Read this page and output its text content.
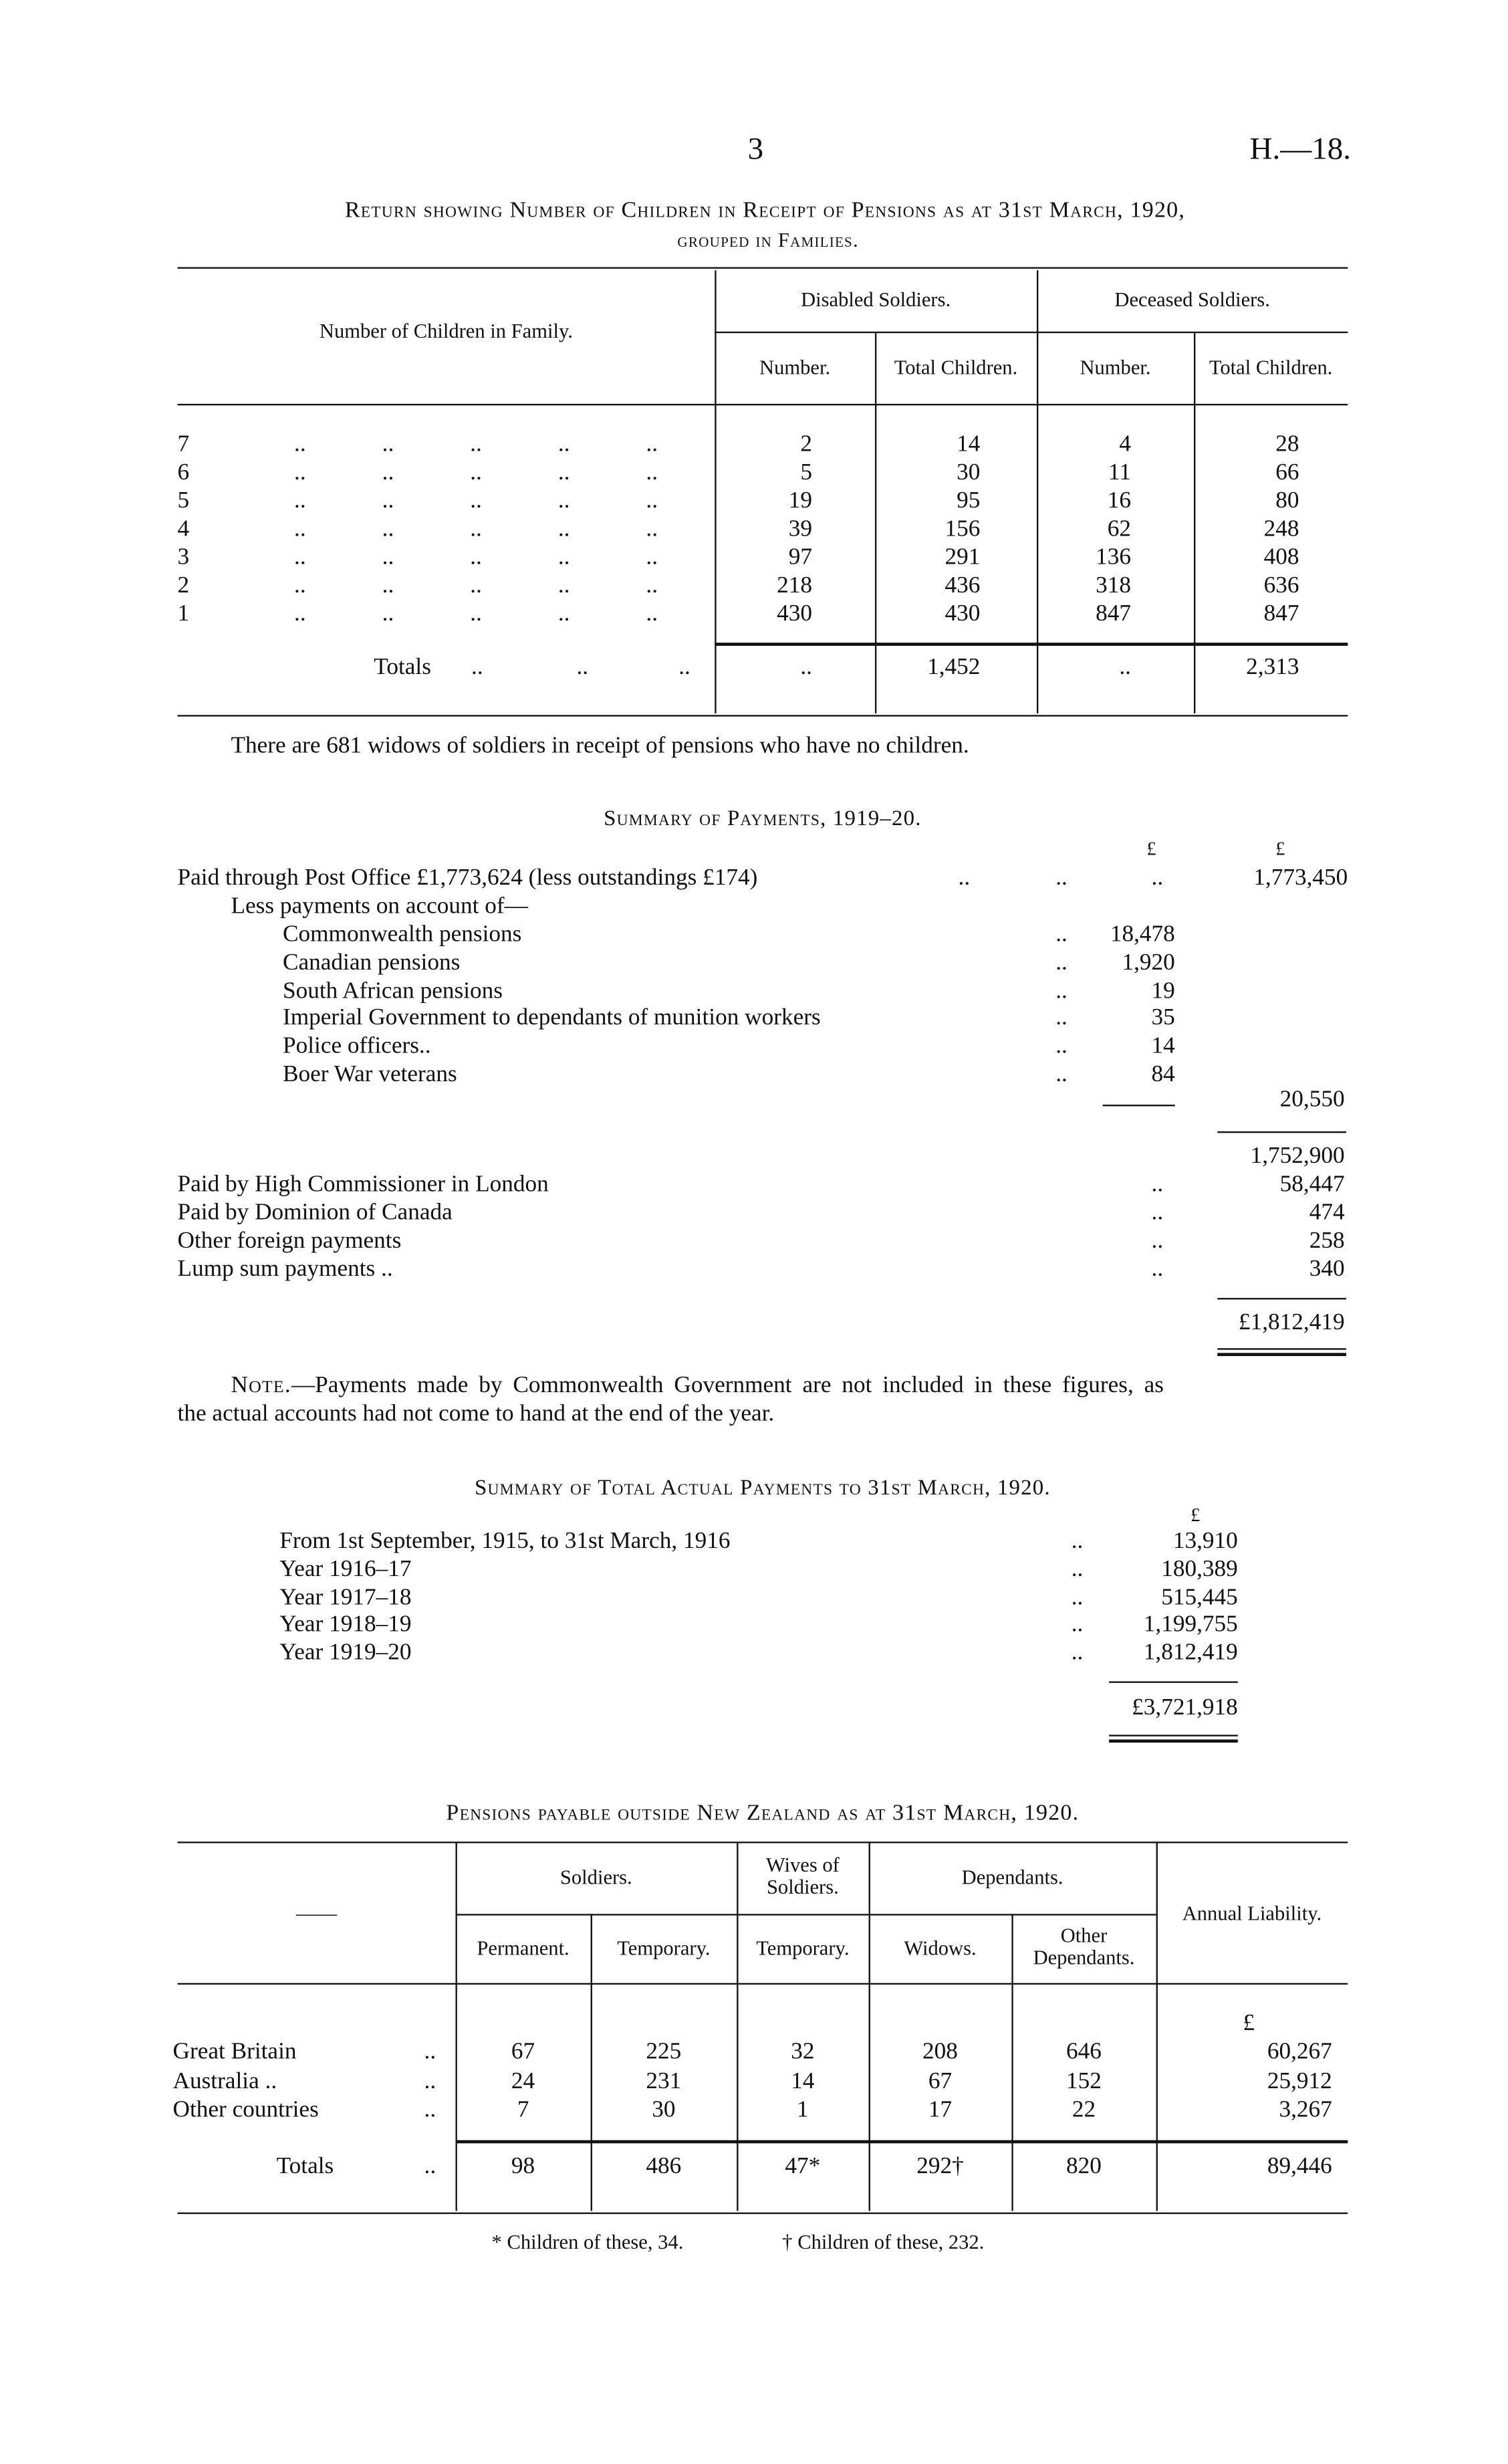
3	H.—18.
Return showing Number of Children in Receipt of Pensions as at 31st March, 1920,
grouped in Families.
Number of Children in Family.
Disabled Soldiers.	Deceased Soldiers.
Number.	Total Children.	Number.	Total Children.
7 .. .. .. .. ..	2	14	4	28
6 .. .. .. .. ..	5	30	11	66
5 .. .. .. .. ..	19	95	16	80
4 .. .. .. .. ..	39	156	62	248
3 .. .. .. .. ..	97	291	136	408
2 .. .. .. .. ..	218	436	318	636
1 .. .. .. .. ..	430	430	847	847
Totals	..	..	..	..	1,452	..	2,313
There are 681 widows of soldiers in receipt of pensions who have no children.
Summary of Payments, 1919–20.
£	£
Paid through Post Office £1,773,624 (less outstandings £174)	..	..	..	1,773,450
Less payments on account of—
Commonwealth pensions	..	18,478
Canadian pensions	..	1,920
South African pensions	..	19
Imperial Government to dependants of munition workers	..	35
Police officers..	..	14
Boer War veterans	..	84
20,550
1,752,900
Paid by High Commissioner in London	..	58,447
Paid by Dominion of Canada	..	474
Other foreign payments	..	258
Lump sum payments ..	..	340
£1,812,419
Note.—Payments made by Commonwealth Government are not included in these figures, as
the actual accounts had not come to hand at the end of the year.
Summary of Total Actual Payments to 31st March, 1920.
£
From 1st September, 1915, to 31st March, 1916	..	13,910
Year 1916–17	..	180,389
Year 1917–18	..	515,445
Year 1918–19	..	1,199,755
Year 1919–20	..	1,812,419
£3,721,918
Pensions payable outside New Zealand as at 31st March, 1920.
——
Soldiers.
Wives of Soldiers.	Dependants.
Annual Liability.
Permanent.	Temporary.	Temporary.	Widows.
Other Dependants.
£
Great Britain	..	67	225	32	208	646	60,267
Australia ..	..	24	231	14	67	152	25,912
Other countries	..	7	30	1	17	22	3,267
Totals	..	98	486	47*	292†	820	89,446
* Children of these, 34.	† Children of these, 232.
